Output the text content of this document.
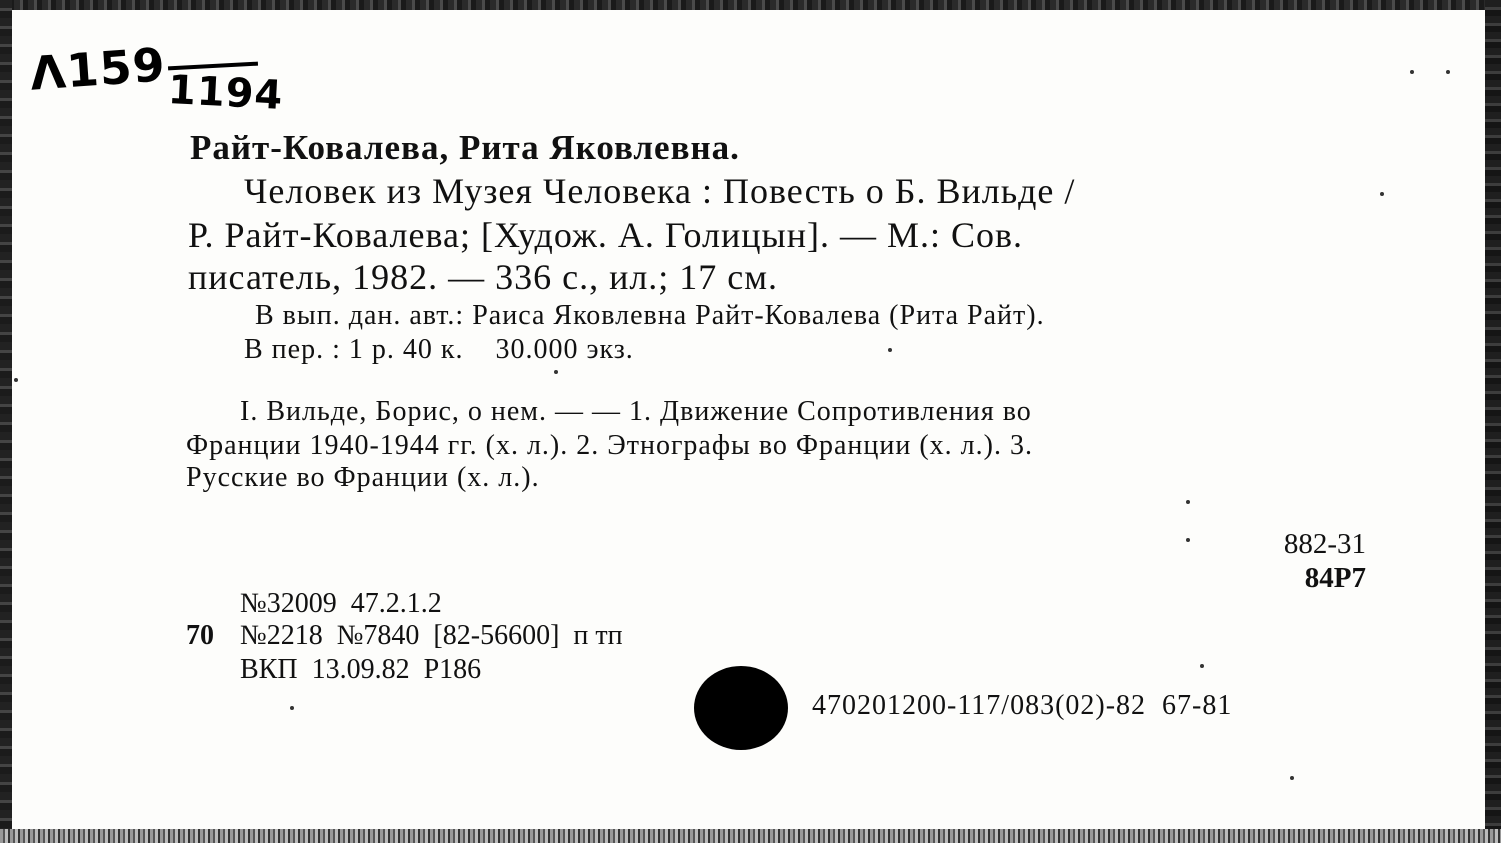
Λ159 1194
Райт-Ковалева, Рита Яковлевна.
Человек из Музея Человека : Повесть о Б. Вильде /
Р. Райт-Ковалева; [Худож. А. Голицын]. — М.: Сов.
писатель, 1982. — 336 с., ил.; 17 см.
В вып. дан. авт.: Раиса Яковлевна Райт-Ковалева (Рита Райт).
В пер. : 1 р. 40 к.    30.000 экз.
I. Вильде, Борис, о нем. — — 1. Движение Сопротивления во
Франции 1940-1944 гг. (х. л.). 2. Этнографы во Франции (х. л.). 3.
Русские во Франции (х. л.).
882-31
84Р7
№32009  47.2.1.2
70 №2218  №7840  [82-56600]  п тп
ВКП  13.09.82  Р186
470201200-117/083(02)-82  67-81
